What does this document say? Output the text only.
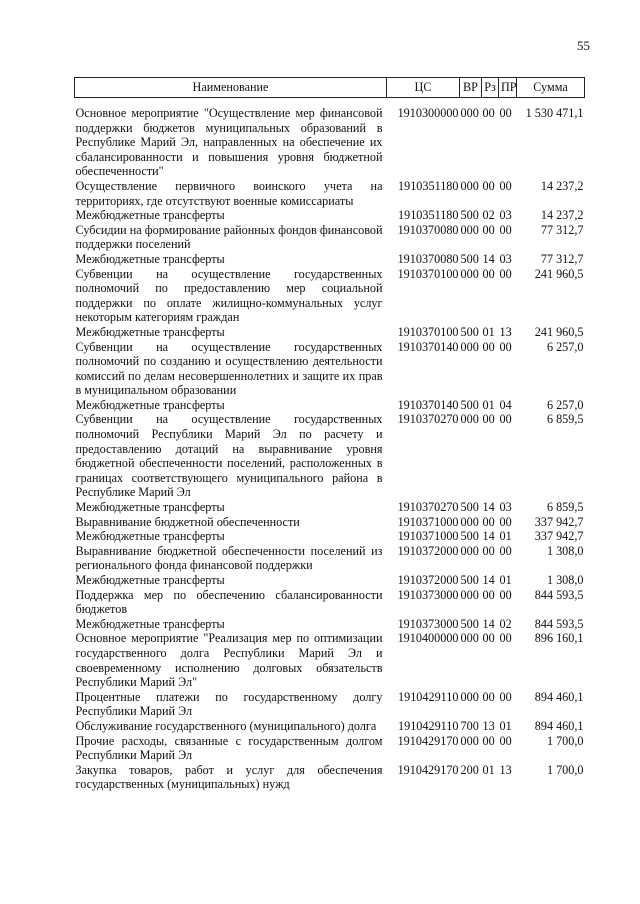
55
Наименование	ЦС	ВР	Рз	ПР	Сумма

Основное мероприятие "Осуществление мер финансовой поддержки бюджетов муниципальных образований в Республике Марий Эл, направленных на обеспечение их сбалансированности и повышения уровня бюджетной обеспеченности"	1910300000	000	00	00	1 530 471,1
Осуществление первичного воинского учета на территориях, где отсутствуют военные комиссариаты	1910351180	000	00	00	14 237,2
Межбюджетные трансферты	1910351180	500	02	03	14 237,2
Субсидии на формирование районных фондов финансовой поддержки поселений	1910370080	000	00	00	77 312,7
Межбюджетные трансферты	1910370080	500	14	03	77 312,7
Субвенции на осуществление государственных полномочий по предоставлению мер социальной поддержки по оплате жилищно-коммунальных услуг некоторым категориям граждан	1910370100	000	00	00	241 960,5
Межбюджетные трансферты	1910370100	500	01	13	241 960,5
Субвенции на осуществление государственных полномочий по созданию и осуществлению деятельности комиссий по делам несовершеннолетних и защите их прав в муниципальном образовании	1910370140	000	00	00	6 257,0
Межбюджетные трансферты	1910370140	500	01	04	6 257,0
Субвенции на осуществление государственных полномочий Республики Марий Эл по расчету и предоставлению дотаций на выравнивание уровня бюджетной обеспеченности поселений, расположенных в границах соответствующего муниципального района в Республике Марий Эл	1910370270	000	00	00	6 859,5
Межбюджетные трансферты	1910370270	500	14	03	6 859,5
Выравнивание бюджетной обеспеченности	1910371000	000	00	00	337 942,7
Межбюджетные трансферты	1910371000	500	14	01	337 942,7
Выравнивание бюджетной обеспеченности поселений из регионального фонда финансовой поддержки	1910372000	000	00	00	1 308,0
Межбюджетные трансферты	1910372000	500	14	01	1 308,0
Поддержка мер по обеспечению сбалансированности бюджетов	1910373000	000	00	00	844 593,5
Межбюджетные трансферты	1910373000	500	14	02	844 593,5
Основное мероприятие "Реализация мер по оптимизации государственного долга Республики Марий Эл и своевременному исполнению долговых обязательств Республики Марий Эл"	1910400000	000	00	00	896 160,1
Процентные платежи по государственному долгу Республики Марий Эл	1910429110	000	00	00	894 460,1
Обслуживание государственного (муниципального) долга	1910429110	700	13	01	894 460,1
Прочие расходы, связанные с государственным долгом Республики Марий Эл	1910429170	000	00	00	1 700,0
Закупка товаров, работ и услуг для обеспечения государственных (муниципальных) нужд	1910429170	200	01	13	1 700,0
